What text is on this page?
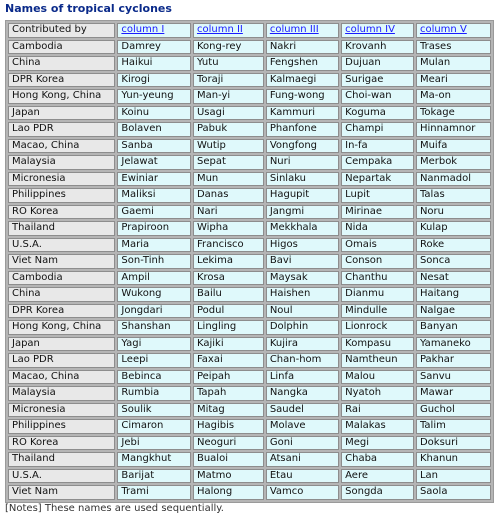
Names of tropical cyclones
Contributed by	column I	column II	column III	column IV	column V
Cambodia	Damrey	Kong-rey	Nakri	Krovanh	Trases
China	Haikui	Yutu	Fengshen	Dujuan	Mulan
DPR Korea	Kirogi	Toraji	Kalmaegi	Surigae	Meari
Hong Kong, China	Yun-yeung	Man-yi	Fung-wong	Choi-wan	Ma-on
Japan	Koinu	Usagi	Kammuri	Koguma	Tokage
Lao PDR	Bolaven	Pabuk	Phanfone	Champi	Hinnamnor
Macao, China	Sanba	Wutip	Vongfong	In-fa	Muifa
Malaysia	Jelawat	Sepat	Nuri	Cempaka	Merbok
Micronesia	Ewiniar	Mun	Sinlaku	Nepartak	Nanmadol
Philippines	Maliksi	Danas	Hagupit	Lupit	Talas
RO Korea	Gaemi	Nari	Jangmi	Mirinae	Noru
Thailand	Prapiroon	Wipha	Mekkhala	Nida	Kulap
U.S.A.	Maria	Francisco	Higos	Omais	Roke
Viet Nam	Son-Tinh	Lekima	Bavi	Conson	Sonca
Cambodia	Ampil	Krosa	Maysak	Chanthu	Nesat
China	Wukong	Bailu	Haishen	Dianmu	Haitang
DPR Korea	Jongdari	Podul	Noul	Mindulle	Nalgae
Hong Kong, China	Shanshan	Lingling	Dolphin	Lionrock	Banyan
Japan	Yagi	Kajiki	Kujira	Kompasu	Yamaneko
Lao PDR	Leepi	Faxai	Chan-hom	Namtheun	Pakhar
Macao, China	Bebinca	Peipah	Linfa	Malou	Sanvu
Malaysia	Rumbia	Tapah	Nangka	Nyatoh	Mawar
Micronesia	Soulik	Mitag	Saudel	Rai	Guchol
Philippines	Cimaron	Hagibis	Molave	Malakas	Talim
RO Korea	Jebi	Neoguri	Goni	Megi	Doksuri
Thailand	Mangkhut	Bualoi	Atsani	Chaba	Khanun
U.S.A.	Barijat	Matmo	Etau	Aere	Lan
Viet Nam	Trami	Halong	Vamco	Songda	Saola

[Notes] These names are used sequentially.
